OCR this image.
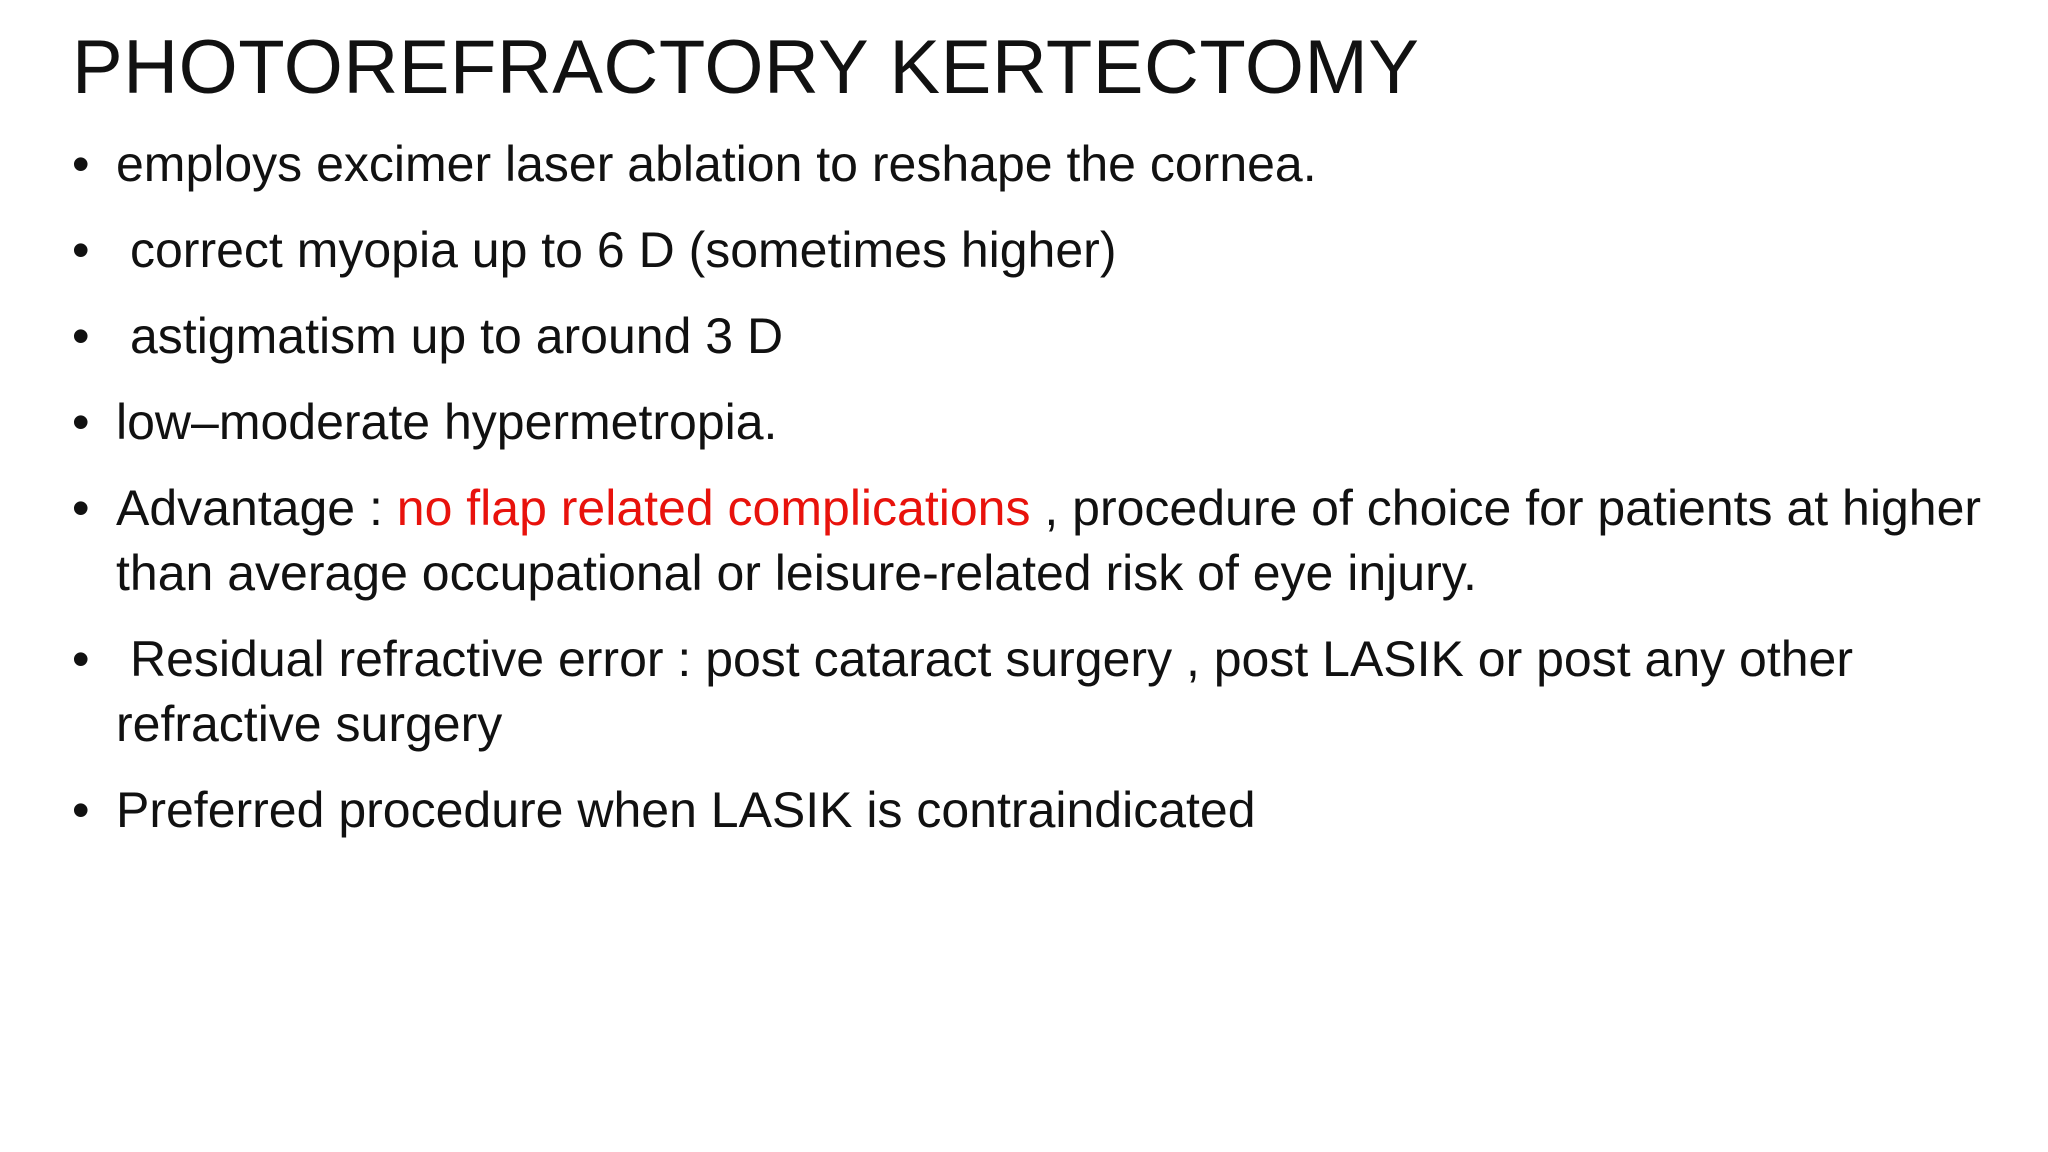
PHOTOREFRACTORY KERTECTOMY
• employs excimer laser ablation to reshape the cornea.
• correct myopia up to 6 D (sometimes higher)
• astigmatism up to around 3 D
• low–moderate hypermetropia.
• Advantage : no flap related complications , procedure of choice for patients at higher than average occupational or leisure-related risk of eye injury.
• Residual refractive error : post cataract surgery , post LASIK or post any other refractive surgery
• Preferred procedure when LASIK is contraindicated
